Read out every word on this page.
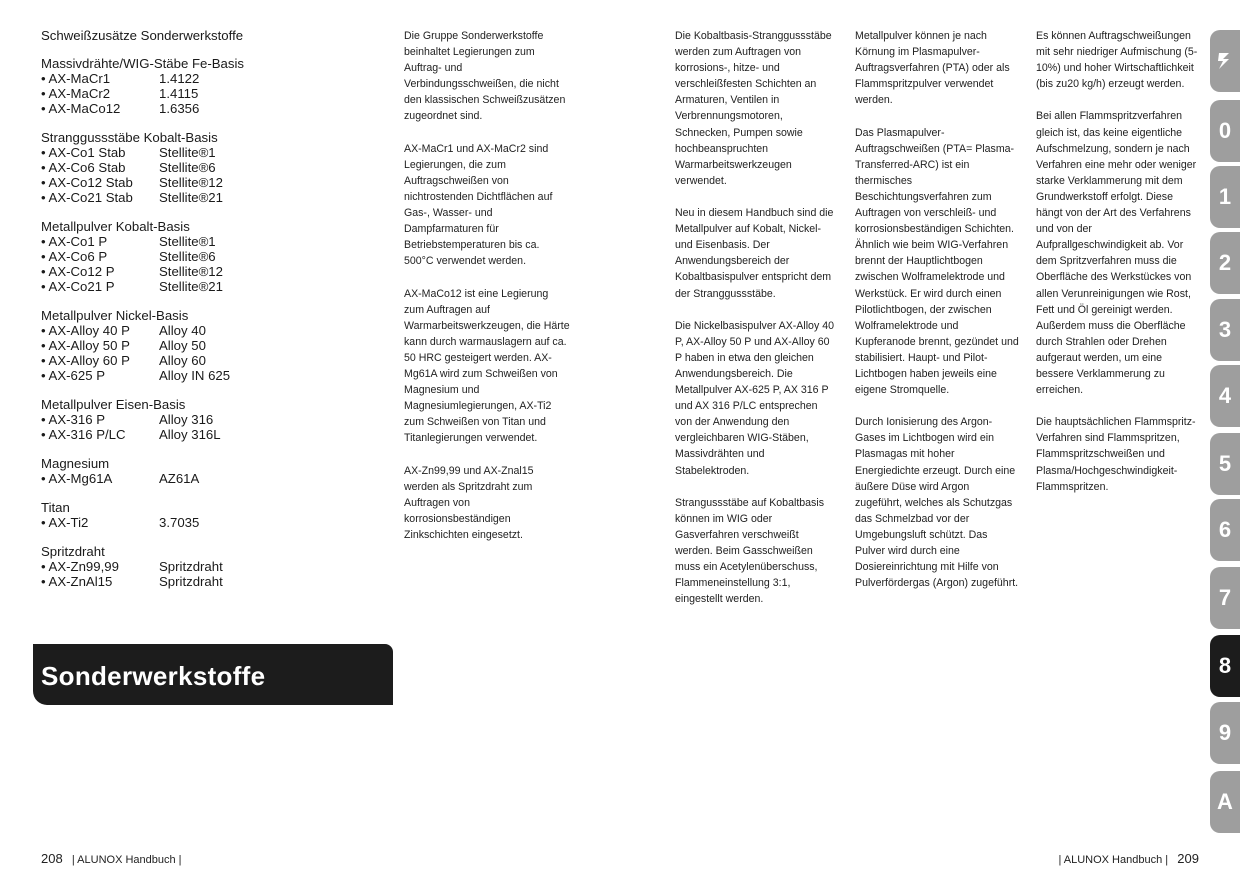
Schweißzusätze Sonderwerkstoffe
Massivdrähte/WIG-Stäbe Fe-Basis
• AX-MaCr1	1.4122
• AX-MaCr2	1.4115
• AX-MaCo12	1.6356
Stranggussstäbe Kobalt-Basis
• AX-Co1 Stab	Stellite®1
• AX-Co6 Stab	Stellite®6
• AX-Co12 Stab	Stellite®12
• AX-Co21 Stab	Stellite®21
Metallpulver Kobalt-Basis
• AX-Co1 P	Stellite®1
• AX-Co6 P	Stellite®6
• AX-Co12 P	Stellite®12
• AX-Co21 P	Stellite®21
Metallpulver Nickel-Basis
• AX-Alloy 40 P	Alloy 40
• AX-Alloy 50 P	Alloy 50
• AX-Alloy 60 P	Alloy 60
• AX-625 P	Alloy IN 625
Metallpulver Eisen-Basis
• AX-316 P	Alloy 316
• AX-316 P/LC	Alloy 316L
Magnesium
• AX-Mg61A	AZ61A
Titan
• AX-Ti2	3.7035
Spritzdraht
• AX-Zn99,99	Spritzdraht
• AX-ZnAl15	Spritzdraht

Die Gruppe Sonderwerkstoffe beinhaltet Legierungen zum Auftrag- und Verbindungsschweißen, die nicht den klassischen Schweißzusätzen zugeordnet sind.

AX-MaCr1 und AX-MaCr2 sind Legierungen, die zum Auftragschweißen von nichtrostenden Dichtflächen auf Gas-, Wasser- und Dampfarmaturen für Betriebstemperaturen bis ca. 500°C verwendet werden.

AX-MaCo12 ist eine Legierung zum Auftragen auf Warmarbeitswerkzeugen, die Härte kann durch warmauslagern auf ca. 50 HRC gesteigert werden. AX-Mg61A wird zum Schweißen von Magnesium und Magnesiumlegierungen, AX-Ti2 zum Schweißen von Titan und Titanlegierungen verwendet.

AX-Zn99,99 und AX-Znal15 werden als Spritzdraht zum Auftragen von korrosionsbeständigen Zinkschichten eingesetzt.

Die Kobaltbasis-Stranggussstäbe werden zum Auftragen von korrosions-, hitze- und verschleißfesten Schichten an Armaturen, Ventilen in Verbrennungsmotoren, Schnecken, Pumpen sowie hochbeanspruchten Warmarbeitswerkzeugen verwendet.

Neu in diesem Handbuch sind die Metallpulver auf Kobalt, Nickel- und Eisenbasis. Der Anwendungsbereich der Kobaltbasispulver entspricht dem der Stranggussstäbe.

Die Nickelbasispulver AX-Alloy 40 P, AX-Alloy 50 P und AX-Alloy 60 P haben in etwa den gleichen Anwendungsbereich. Die Metallpulver AX-625 P, AX 316 P und AX 316 P/LC entsprechen von der Anwendung den vergleichbaren WIG-Stäben, Massivdrähten und Stabelektroden.

Strangussstäbe auf Kobaltbasis können im WIG oder Gasverfahren verschweißt werden. Beim Gasschweißen muss ein Acetylenüberschuss, Flammeneinstellung 3:1, eingestellt werden.

Metallpulver können je nach Körnung im Plasmapulver-Auftragsverfahren (PTA) oder als Flammspritzpulver verwendet werden.

Das Plasmapulver-Auftragschweißen (PTA= Plasma-Transferred-ARC) ist ein thermisches Beschichtungsverfahren zum Auftragen von verschleiß- und korrosionsbeständigen Schichten. Ähnlich wie beim WIG-Verfahren brennt der Hauptlichtbogen zwischen Wolframelektrode und Werkstück. Er wird durch einen Pilotlichtbogen, der zwischen Wolframelektrode und Kupferanode brennt, gezündet und stabilisiert. Haupt- und Pilot-Lichtbogen haben jeweils eine eigene Stromquelle.

Durch Ionisierung des Argon-Gases im Lichtbogen wird ein Plasmagas mit hoher Energiedichte erzeugt. Durch eine äußere Düse wird Argon zugeführt, welches als Schutzgas das Schmelzbad vor der Umgebungsluft schützt. Das Pulver wird durch eine Dosiereinrichtung mit Hilfe von Pulverfördergas (Argon) zugeführt.

Es können Auftragschweißungen mit sehr niedriger Aufmischung (5-10%) und hoher Wirtschaftlichkeit (bis zu20 kg/h) erzeugt werden.

Bei allen Flammspritzverfahren gleich ist, das keine eigentliche Aufschmelzung, sondern je nach Verfahren eine mehr oder weniger starke Verklammerung mit dem Grundwerkstoff erfolgt. Diese hängt von der Art des Verfahrens und von der Aufprallgeschwindigkeit ab. Vor dem Spritzverfahren muss die Oberfläche des Werkstückes von allen Verunreinigungen wie Rost, Fett und Öl gereinigt werden. Außerdem muss die Oberfläche durch Strahlen oder Drehen aufgeraut werden, um eine bessere Verklammerung zu erreichen.

Die hauptsächlichen Flammspritz-Verfahren sind Flammspritzen, Flammspritzschweißen und Plasma/Hochgeschwindigkeit-Flammspritzen.

Sonderwerkstoffe
208 | ALUNOX Handbuch |	| ALUNOX Handbuch | 209
0
1
2
3
4
5
6
7
8
9
A
